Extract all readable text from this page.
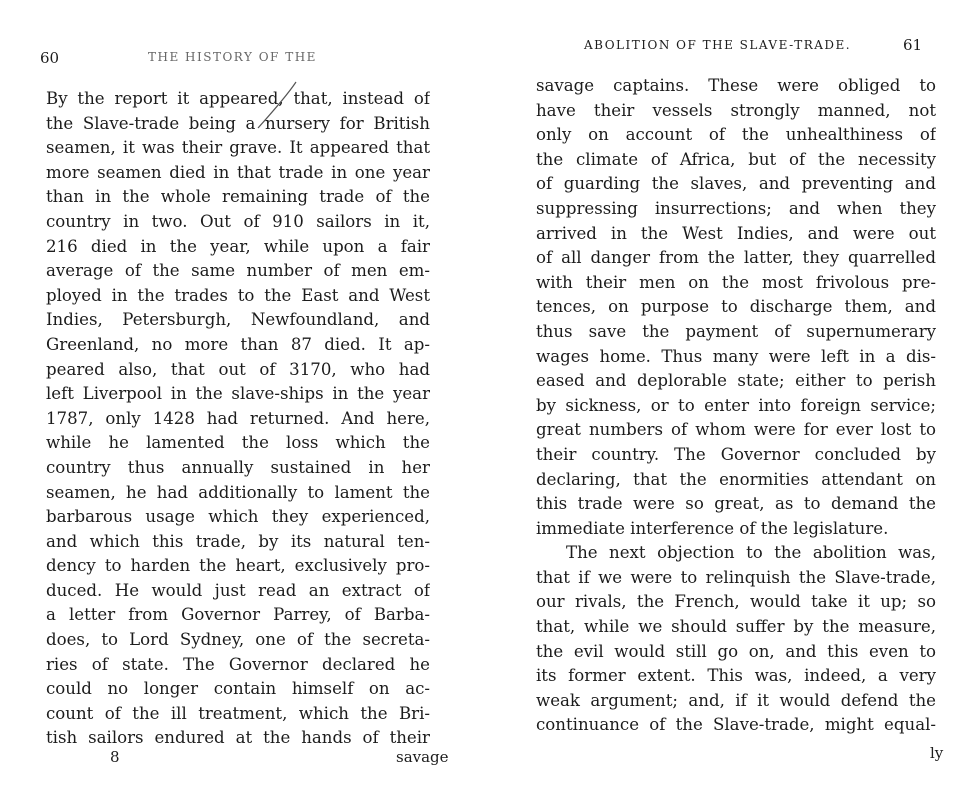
60	THE HISTORY OF THE
By the report it appeared, that, instead of
the Slave-trade being a nursery for British
seamen, it was their grave. It appeared that
more seamen died in that trade in one year
than in the whole remaining trade of the
country in two. Out of 910 sailors in it,
216 died in the year, while upon a fair
average of the same number of men em-
ployed in the trades to the East and West
Indies, Petersburgh, Newfoundland, and
Greenland, no more than 87 died. It ap-
peared also, that out of 3170, who had
left Liverpool in the slave-ships in the year
1787, only 1428 had returned. And here,
while he lamented the loss which the
country thus annually sustained in her
seamen, he had additionally to lament the
barbarous usage which they experienced,
and which this trade, by its natural ten-
dency to harden the heart, exclusively pro-
duced. He would just read an extract of
a letter from Governor Parrey, of Barba-
does, to Lord Sydney, one of the secreta-
ries of state. The Governor declared he
could no longer contain himself on ac-
count of the ill treatment, which the Bri-
tish sailors endured at the hands of their
8	savage
ABOLITION OF THE SLAVE-TRADE.	61
savage captains. These were obliged to
have their vessels strongly manned, not
only on account of the unhealthiness of
the climate of Africa, but of the necessity
of guarding the slaves, and preventing and
suppressing insurrections; and when they
arrived in the West Indies, and were out
of all danger from the latter, they quarrelled
with their men on the most frivolous pre-
tences, on purpose to discharge them, and
thus save the payment of supernumerary
wages home. Thus many were left in a dis-
eased and deplorable state; either to perish
by sickness, or to enter into foreign service;
great numbers of whom were for ever lost to
their country. The Governor concluded by
declaring, that the enormities attendant on
this trade were so great, as to demand the
immediate interference of the legislature.
The next objection to the abolition was,
that if we were to relinquish the Slave-trade,
our rivals, the French, would take it up; so
that, while we should suffer by the measure,
the evil would still go on, and this even to
its former extent. This was, indeed, a very
weak argument; and, if it would defend the
continuance of the Slave-trade, might equal-
ly
